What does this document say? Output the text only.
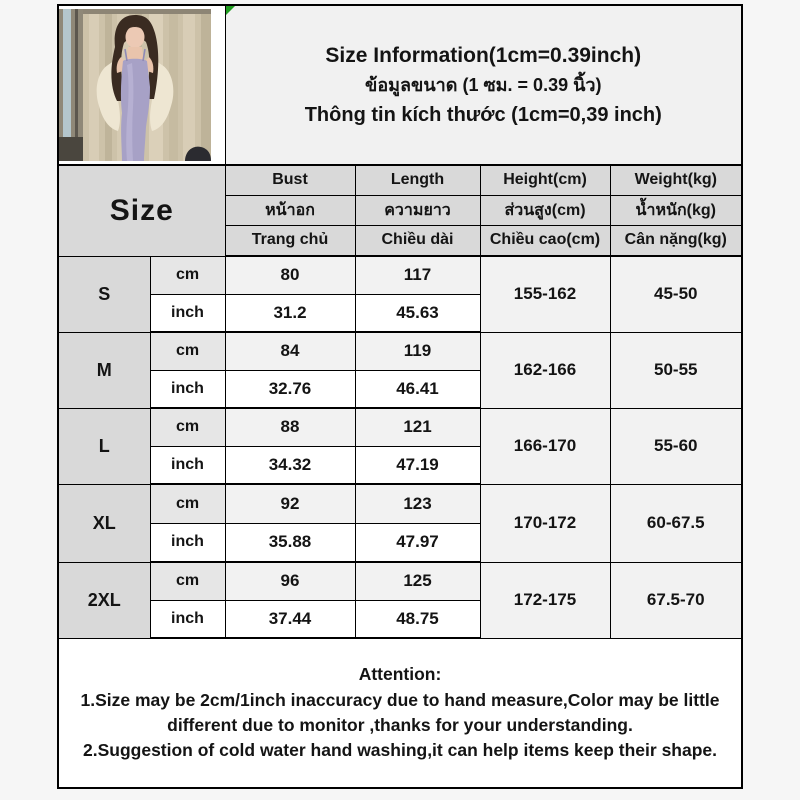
Size Information(1cm=0.39inch)
ข้อมูลขนาด (1 ซม. = 0.39 นิ้ว)
Thông tin kích thước (1cm=0,39 inch)			

Size		Bust	Length	Height(cm)	Weight(kg)
		หน้าอก	ความยาว	ส่วนสูง(cm)	น้ำหนัก(kg)
		Trang chủ	Chiều dài	Chiều cao(cm)	Cân nặng(kg)
S	cm	80	117	155-162	45-50
	inch	31.2	45.63		
M	cm	84	119	162-166	50-55
	inch	32.76	46.41		
L	cm	88	121	166-170	55-60
	inch	34.32	47.19		
XL	cm	92	123	170-172	60-67.5
	inch	35.88	47.97		
2XL	cm	96	125	172-175	67.5-70
	inch	37.44	48.75		

Attention:
1.Size may be 2cm/1inch inaccuracy due to hand measure,Color may be little different due to monitor ,thanks for your understanding.
2.Suggestion of cold water hand washing,it can help items keep their shape.					
